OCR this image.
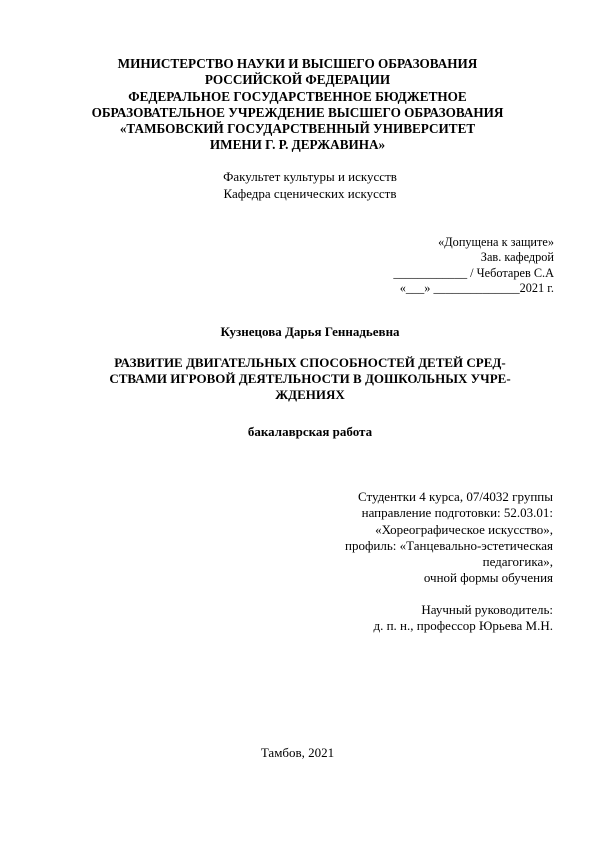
МИНИСТЕРСТВО НАУКИ И ВЫСШЕГО ОБРАЗОВАНИЯ
РОССИЙСКОЙ ФЕДЕРАЦИИ
ФЕДЕРАЛЬНОЕ ГОСУДАРСТВЕННОЕ БЮДЖЕТНОЕ
ОБРАЗОВАТЕЛЬНОЕ УЧРЕЖДЕНИЕ ВЫСШЕГО ОБРАЗОВАНИЯ
«ТАМБОВСКИЙ ГОСУДАРСТВЕННЫЙ УНИВЕРСИТЕТ
ИМЕНИ Г. Р. ДЕРЖАВИНА»
Факультет культуры и искусств
Кафедра сценических искусств
«Допущена к защите»
Зав. кафедрой
____________ / Чеботарев С.А
«___» ______________2021 г.
Кузнецова Дарья Геннадьевна
РАЗВИТИЕ ДВИГАТЕЛЬНЫХ СПОСОБНОСТЕЙ ДЕТЕЙ СРЕД-
СТВАМИ ИГРОВОЙ ДЕЯТЕЛЬНОСТИ В ДОШКОЛЬНЫХ УЧРЕ-
ЖДЕНИЯХ
бакалаврская работа
Студентки 4 курса, 07/4032 группы
направление подготовки: 52.03.01:
«Хореографическое искусство»,
профиль: «Танцевально-эстетическая
педагогика»,
очной формы обучения
Научный руководитель:
д. п. н., профессор Юрьева М.Н.
Тамбов, 2021
